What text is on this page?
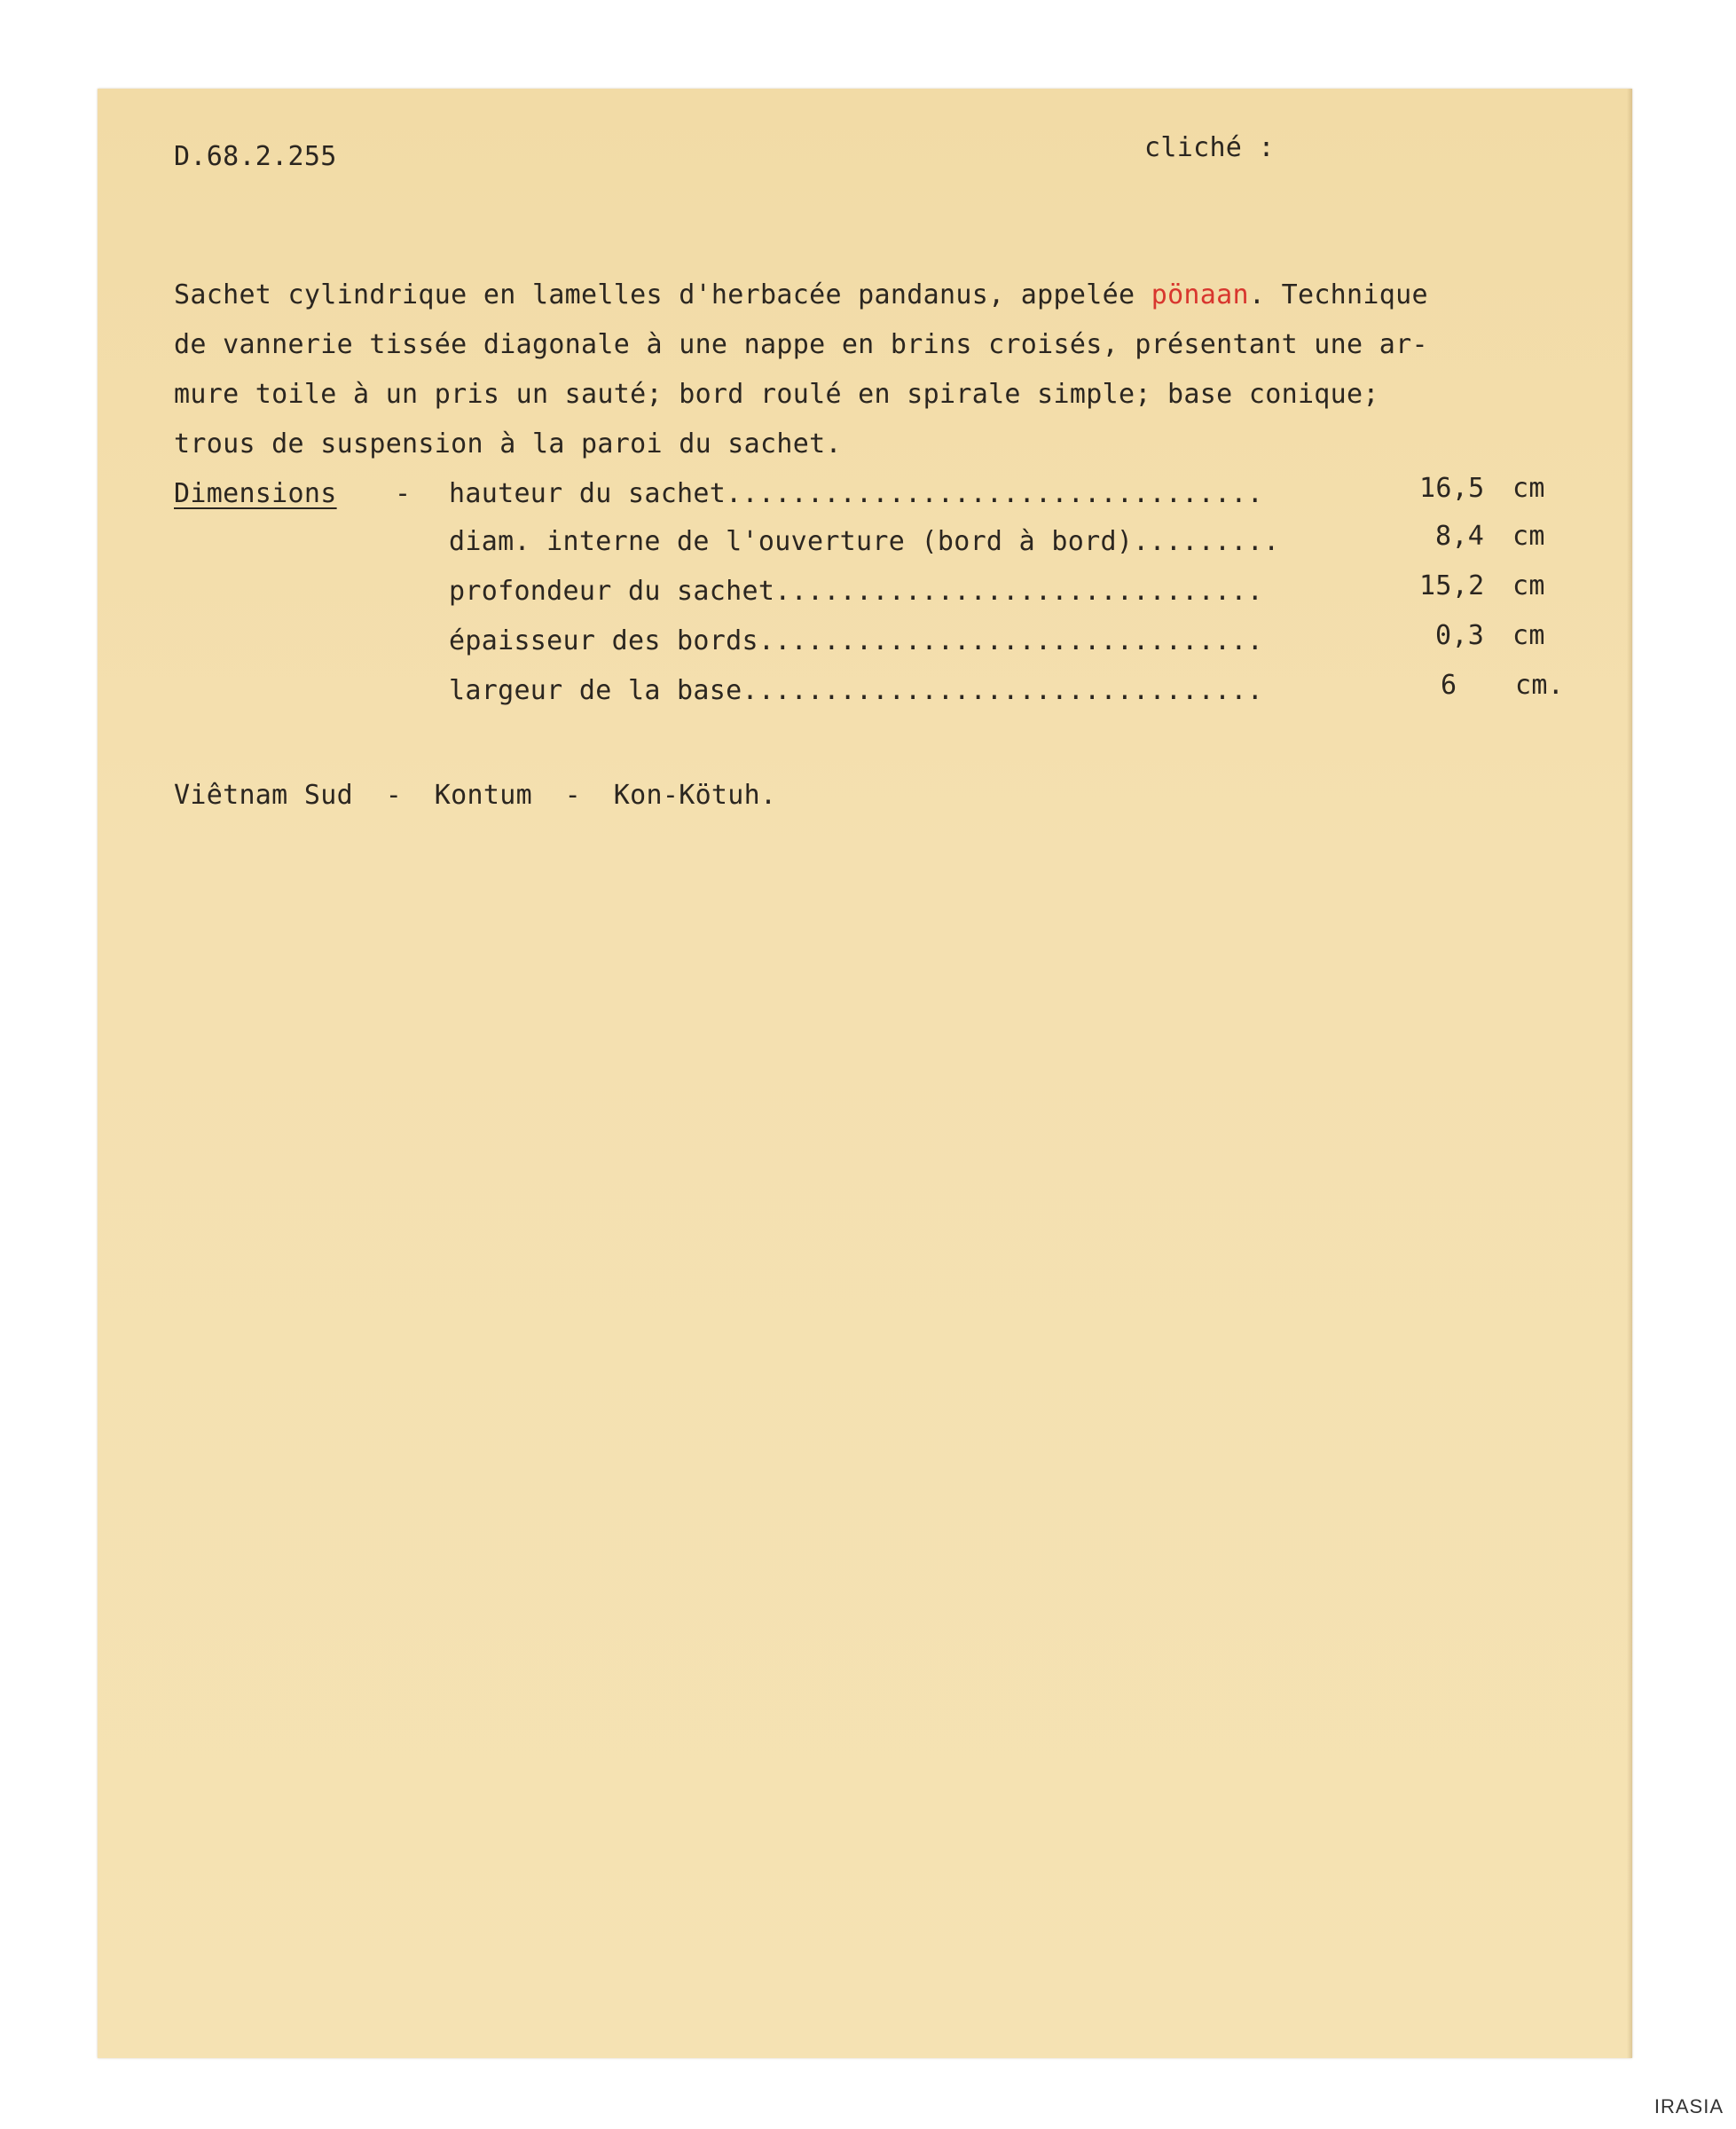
D.68.2.255	cliché :
Sachet cylindrique en lamelles d'herbacée pandanus, appelée pönaan. Technique
de vannerie tissée diagonale à une nappe en brins croisés, présentant une ar-
mure toile à un pris un sauté; bord roulé en spirale simple; base conique;
trous de suspension à la paroi du sachet.
Dimensions - hauteur du sachet.................................	16,5 cm
diam. interne de l'ouverture (bord à bord).........	8,4 cm
profondeur du sachet..............................	15,2 cm
épaisseur des bords...............................	0,3 cm
largeur de la base................................	6 cm.
Viêtnam Sud  -  Kontum  -  Kon-Kötuh.
IRASIA
